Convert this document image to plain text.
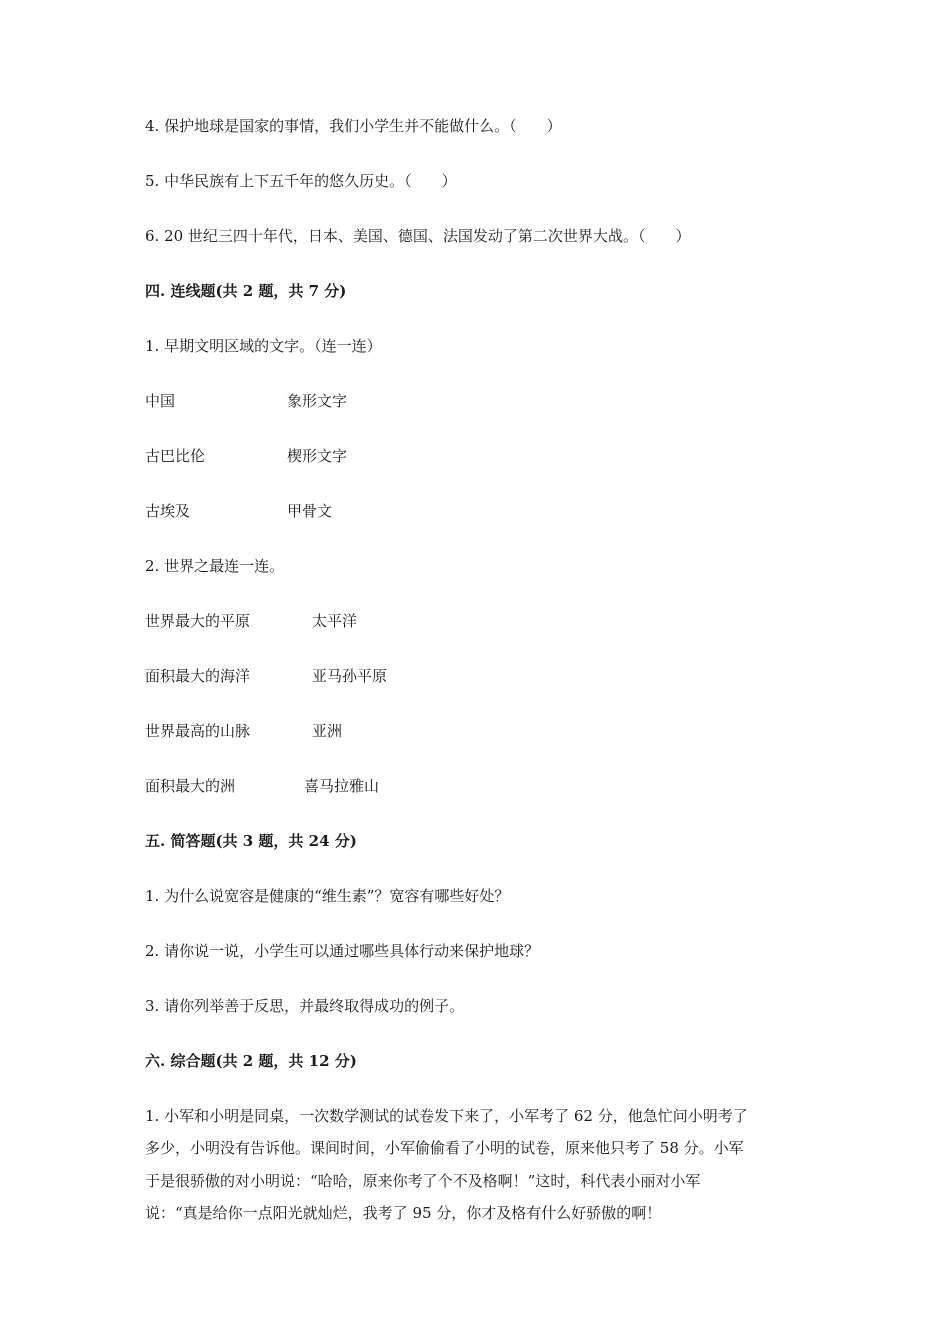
4. 保护地球是国家的事情，我们小学生并不能做什么。（　　）
5. 中华民族有上下五千年的悠久历史。（　　）
6. 20 世纪三四十年代，日本、美国、德国、法国发动了第二次世界大战。（　　）
四. 连线题(共 2 题，共 7 分)
1. 早期文明区域的文字。（连一连）
中国	象形文字
古巴比伦	楔形文字
古埃及	甲骨文
2. 世界之最连一连。
世界最大的平原	太平洋
面积最大的海洋	亚马孙平原
世界最高的山脉	亚洲
面积最大的洲	喜马拉雅山
五. 简答题(共 3 题，共 24 分)
1. 为什么说宽容是健康的“维生素”？宽容有哪些好处？
2. 请你说一说，小学生可以通过哪些具体行动来保护地球？
3. 请你列举善于反思，并最终取得成功的例子。
六. 综合题(共 2 题，共 12 分)
1. 小军和小明是同桌，一次数学测试的试卷发下来了，小军考了 62 分，他急忙问小明考了
多少，小明没有告诉他。课间时间，小军偷偷看了小明的试卷，原来他只考了 58 分。小军
于是很骄傲的对小明说：“哈哈，原来你考了个不及格啊！”这时，科代表小丽对小军
说：“真是给你一点阳光就灿烂，我考了 95 分，你才及格有什么好骄傲的啊！
